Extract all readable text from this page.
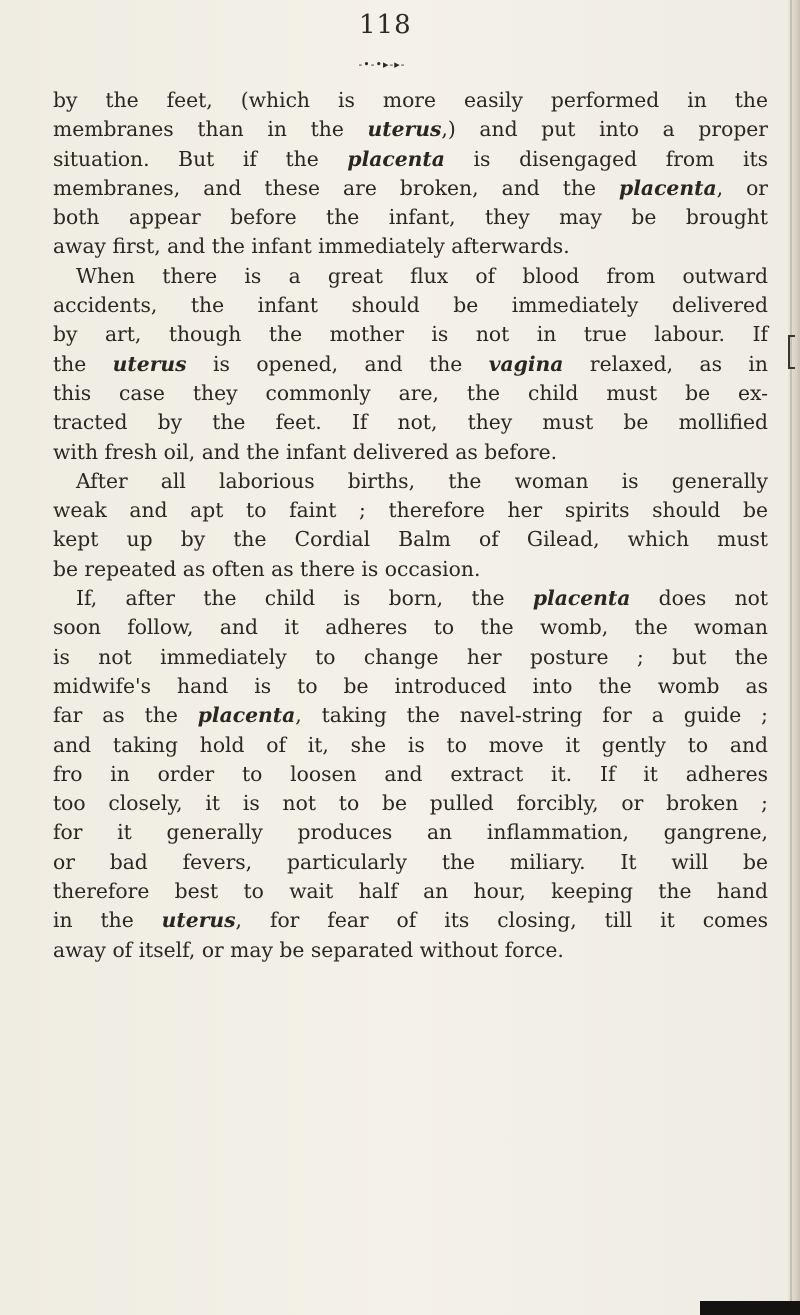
118
-•-•▸-▸-
by the feet, (which is more easily performed in the
membranes than in the uterus,) and put into a proper
situation. But if the placenta is disengaged from its
membranes, and these are broken, and the placenta, or
both appear before the infant, they may be brought
away first, and the infant immediately afterwards.
When there is a great flux of blood from outward
accidents, the infant should be immediately delivered
by art, though the mother is not in true labour. If
the uterus is opened, and the vagina relaxed, as in
this case they commonly are, the child must be ex-
tracted by the feet. If not, they must be mollified
with fresh oil, and the infant delivered as before.
After all laborious births, the woman is generally
weak and apt to faint ; therefore her spirits should be
kept up by the Cordial Balm of Gilead, which must
be repeated as often as there is occasion.
If, after the child is born, the placenta does not
soon follow, and it adheres to the womb, the woman
is not immediately to change her posture ; but the
midwife's hand is to be introduced into the womb as
far as the placenta, taking the navel-string for a guide ;
and taking hold of it, she is to move it gently to and
fro in order to loosen and extract it. If it adheres
too closely, it is not to be pulled forcibly, or broken ;
for it generally produces an inflammation, gangrene,
or bad fevers, particularly the miliary. It will be
therefore best to wait half an hour, keeping the hand
in the uterus, for fear of its closing, till it comes
away of itself, or may be separated without force.
